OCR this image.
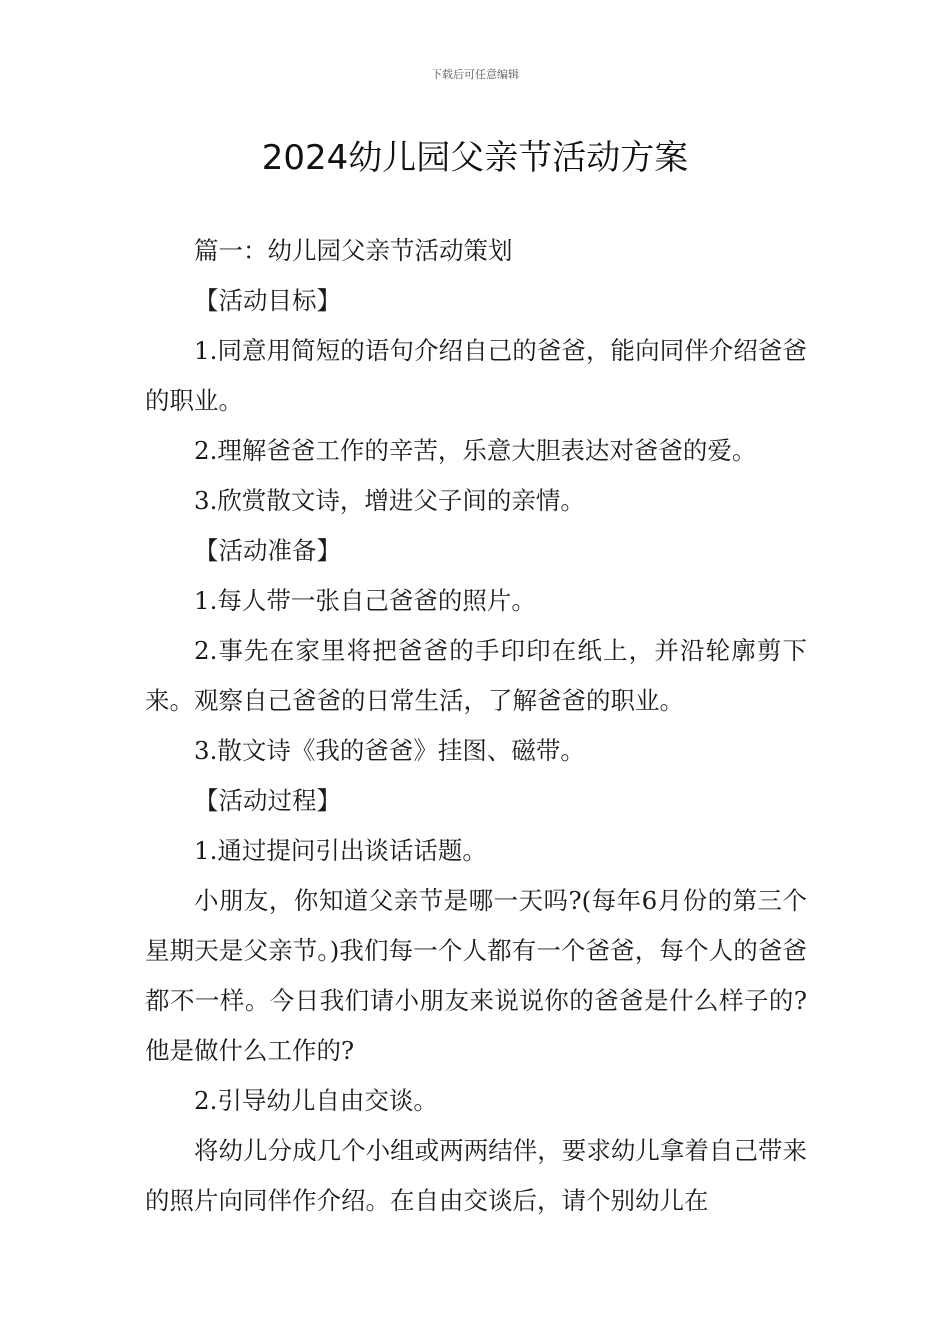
下载后可任意编辑
2024幼儿园父亲节活动方案

篇一：幼儿园父亲节活动策划

【活动目标】

1.同意用简短的语句介绍自己的爸爸，能向同伴介绍爸爸的职业。

2.理解爸爸工作的辛苦，乐意大胆表达对爸爸的爱。

3.欣赏散文诗，增进父子间的亲情。

【活动准备】

1.每人带一张自己爸爸的照片。

2.事先在家里将把爸爸的手印印在纸上，并沿轮廓剪下来。观察自己爸爸的日常生活，了解爸爸的职业。

3.散文诗《我的爸爸》挂图、磁带。

【活动过程】

1.通过提问引出谈话话题。

小朋友，你知道父亲节是哪一天吗?(每年6月份的第三个星期天是父亲节。)我们每一个人都有一个爸爸，每个人的爸爸都不一样。今日我们请小朋友来说说你的爸爸是什么样子的?他是做什么工作的?

2.引导幼儿自由交谈。

将幼儿分成几个小组或两两结伴，要求幼儿拿着自己带来的照片向同伴作介绍。在自由交谈后，请个别幼儿在
